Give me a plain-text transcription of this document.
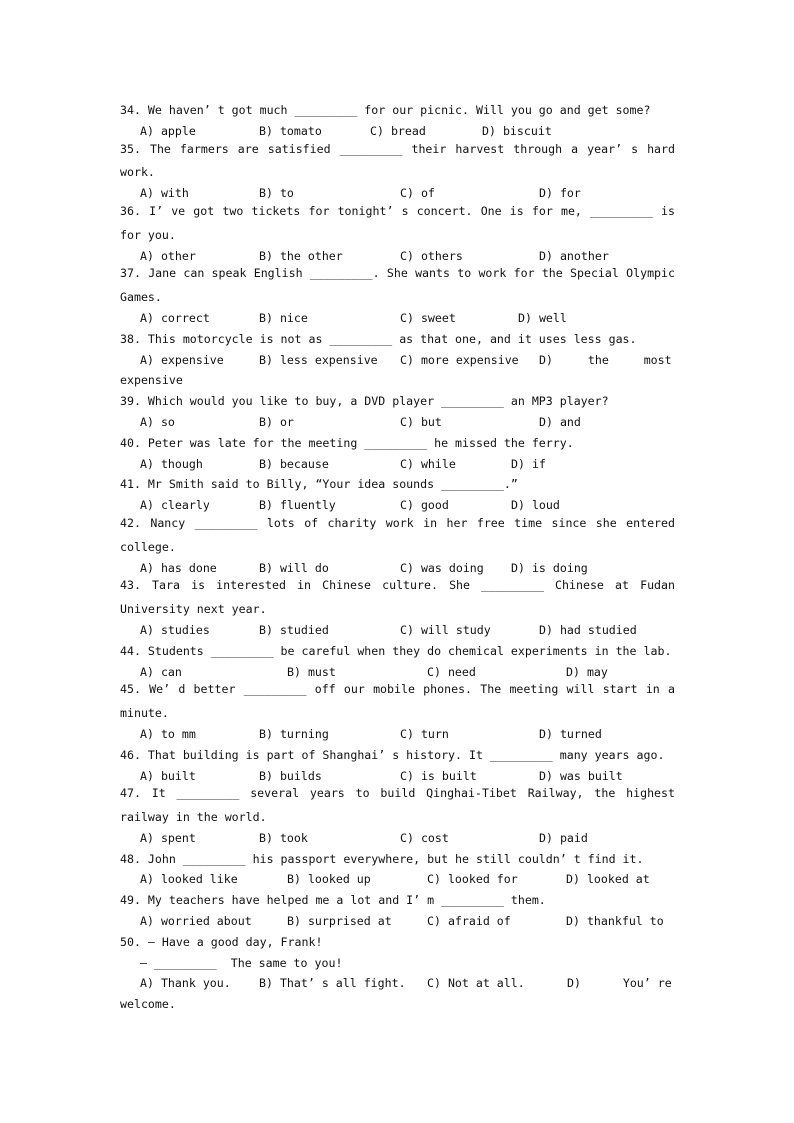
34. We haven’ t got much _________ for our picnic. Will you go and get some?
A) apple	B) tomato	C) bread	D) biscuit
35. The farmers are satisfied _________ their harvest through a year’ s hard
work.
A) with	B) to	C) of	D) for
36. I’ ve got two tickets for tonight’ s concert. One is for me, _________ is
for you.
A) other	B) the other	C) others	D) another
37. Jane can speak English _________. She wants to work for the Special Olympic
Games.
A) correct	B) nice	C) sweet	D) well
38. This motorcycle is not as _________ as that one, and it uses less gas.
A) expensive	B) less expensive C) more expensive D)     the     most
expensive
39. Which would you like to buy, a DVD player _________ an MP3 player?
A) so	B) or	C) but	D) and
40. Peter was late for the meeting _________ he missed the ferry.
A) though	B) because	C) while	D) if
41. Mr Smith said to Billy, “Your idea sounds _________.”
A) clearly	B) fluently	C) good	D) loud
42. Nancy _________ lots of charity work in her free time since she entered
college.
A) has done	B) will do	C) was doing D) is doing
43. Tara is interested in Chinese culture. She _________ Chinese at Fudan
University next year.
A) studies	B) studied	C) will study	D) had studied
44. Students _________ be careful when they do chemical experiments in the lab.
A) can	B) must	C) need	D) may
45. We’ d better _________ off our mobile phones. The meeting will start in a
minute.
A) to mm	B) turning	C) turn	D) turned
46. That building is part of Shanghai’ s history. It _________ many years ago.
A) built	B) builds	C) is built	D) was built
47. It _________ several years to build Qinghai-Tibet Railway, the highest
railway in the world.
A) spent	B) took	C) cost	D) paid
48. John _________ his passport everywhere, but he still couldn’ t find it.
A) looked like	B) looked up	C) looked for	D) looked at
49. My teachers have helped me a lot and I’ m _________ them.
A) worried about	B) surprised at	C) afraid of	D) thankful to
50. – Have a good day, Frank!
– _________  The same to you!
A) Thank you. B) That’ s all fight. C) Not at all.	D)      You’ re
welcome.
